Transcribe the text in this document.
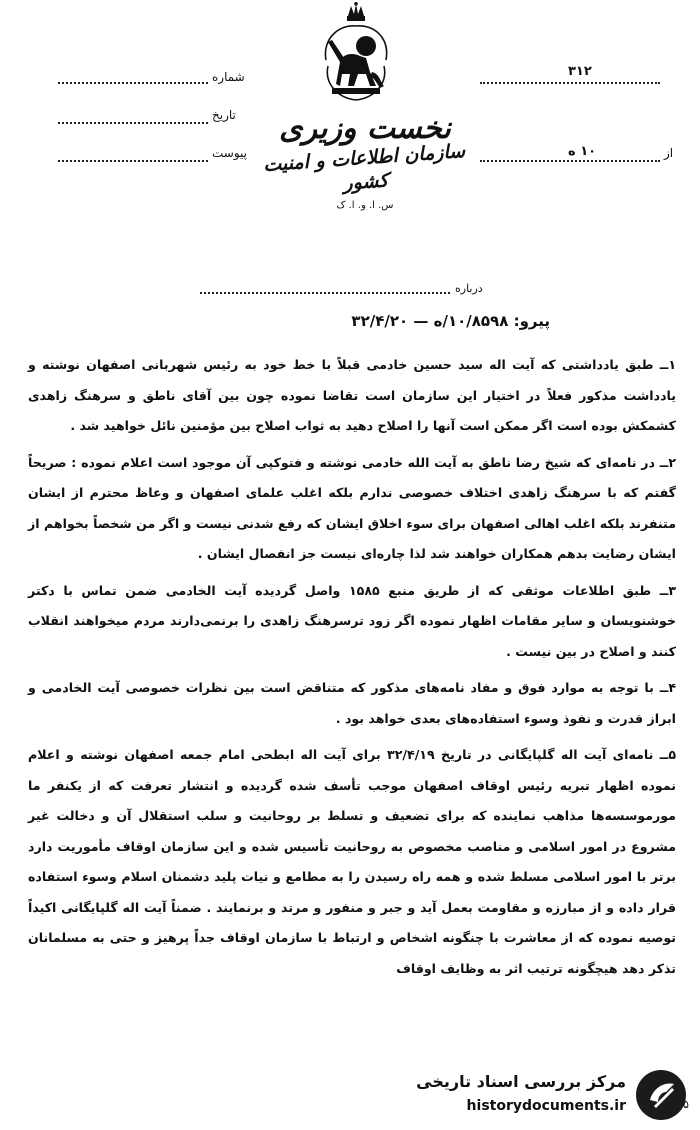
نخست وزیری
سازمان اطلاعات و امنیت کشور
س. ا. و. ا. ک
شماره
تاریخ
پیوست
۳۱۲
۱۰ ه	از
درباره
پیرو: ۱۰/۸۵۹۸/ه — ۳۲/۴/۲۰

۱ــ طبق یادداشتی که آیت اله سید حسین خادمی قبلاً با خط خود به رئیس شهربانی اصفهان نوشته و یادداشت مذکور فعلاً در اختیار این سازمان است تقاضا نموده چون بین آقای ناطق و سرهنگ زاهدی کشمکش بوده است اگر ممکن است آنها را اصلاح دهید به ثواب اصلاح بین مؤمنین نائل خواهید شد .

۲ــ در نامه‌ای که شیخ رضا ناطق به آیت الله خادمی نوشته و فتوکپی آن موجود است اعلام نموده : صریحاً گفتم که با سرهنگ زاهدی اختلاف خصوصی ندارم بلکه اغلب علمای اصفهان و وعاظ محترم از ایشان متنفرند بلکه اغلب اهالی اصفهان برای سوء اخلاق ایشان که رفع شدنی نیست و اگر من شخصاً بخواهم از ایشان رضایت بدهم همکاران خواهند شد لذا چاره‌ای نیست جز انفصال ایشان .

۳ــ طبق اطلاعات موثقی که از طریق منبع ۱۵۸۵ واصل گردیده آیت الخادمی ضمن تماس با دکتر خوشنویسان و سایر مقامات اظهار نموده اگر زود ترسرهنگ زاهدی را برنمی‌دارند مردم میخواهند انقلاب کنند و اصلاح در بین نیست .

۴ــ با توجه به موارد فوق و مفاد نامه‌های مذکور که متناقض است بین نظرات خصوصی آیت الخادمی و ابراز قدرت و نفوذ وسوء استفاده‌های بعدی خواهد بود .

۵ــ نامه‌ای آیت اله گلپایگانی در تاریخ ۳۲/۴/۱۹ برای آیت اله ابطحی امام جمعه اصفهان نوشته و اعلام نموده اظهار تبریه رئیس اوقاف اصفهان موجب تأسف شده گردیده و انتشار تعرفت که از یکنفر ما مورموسسه‌ها مذاهب نماینده که برای تضعیف و تسلط بر روحانیت و سلب استقلال آن و دخالت غیر مشروع در امور اسلامی و مناصب مخصوص به روحانیت تأسیس شده و این سازمان اوقاف مأموریت دارد برتر با امور اسلامی مسلط شده و همه راه رسیدن را به مطامع و نیات پلید دشمنان اسلام وسوء استفاده قرار داده و از مبارزه و مقاومت بعمل آید و جبر و منفور و مرتد و برنمایند . ضمناً آیت اله گلپایگانی اکیداً توصیه نموده که از معاشرت با چنگونه اشخاص و ارتباط با سازمان اوقاف جداً پرهیز و حتی به مسلمانان تذکر دهد هیچگونه ترتیب اثر به وظایف اوقاف

مرکز بررسی اسناد تاریخی
historydocuments.ir	۵
